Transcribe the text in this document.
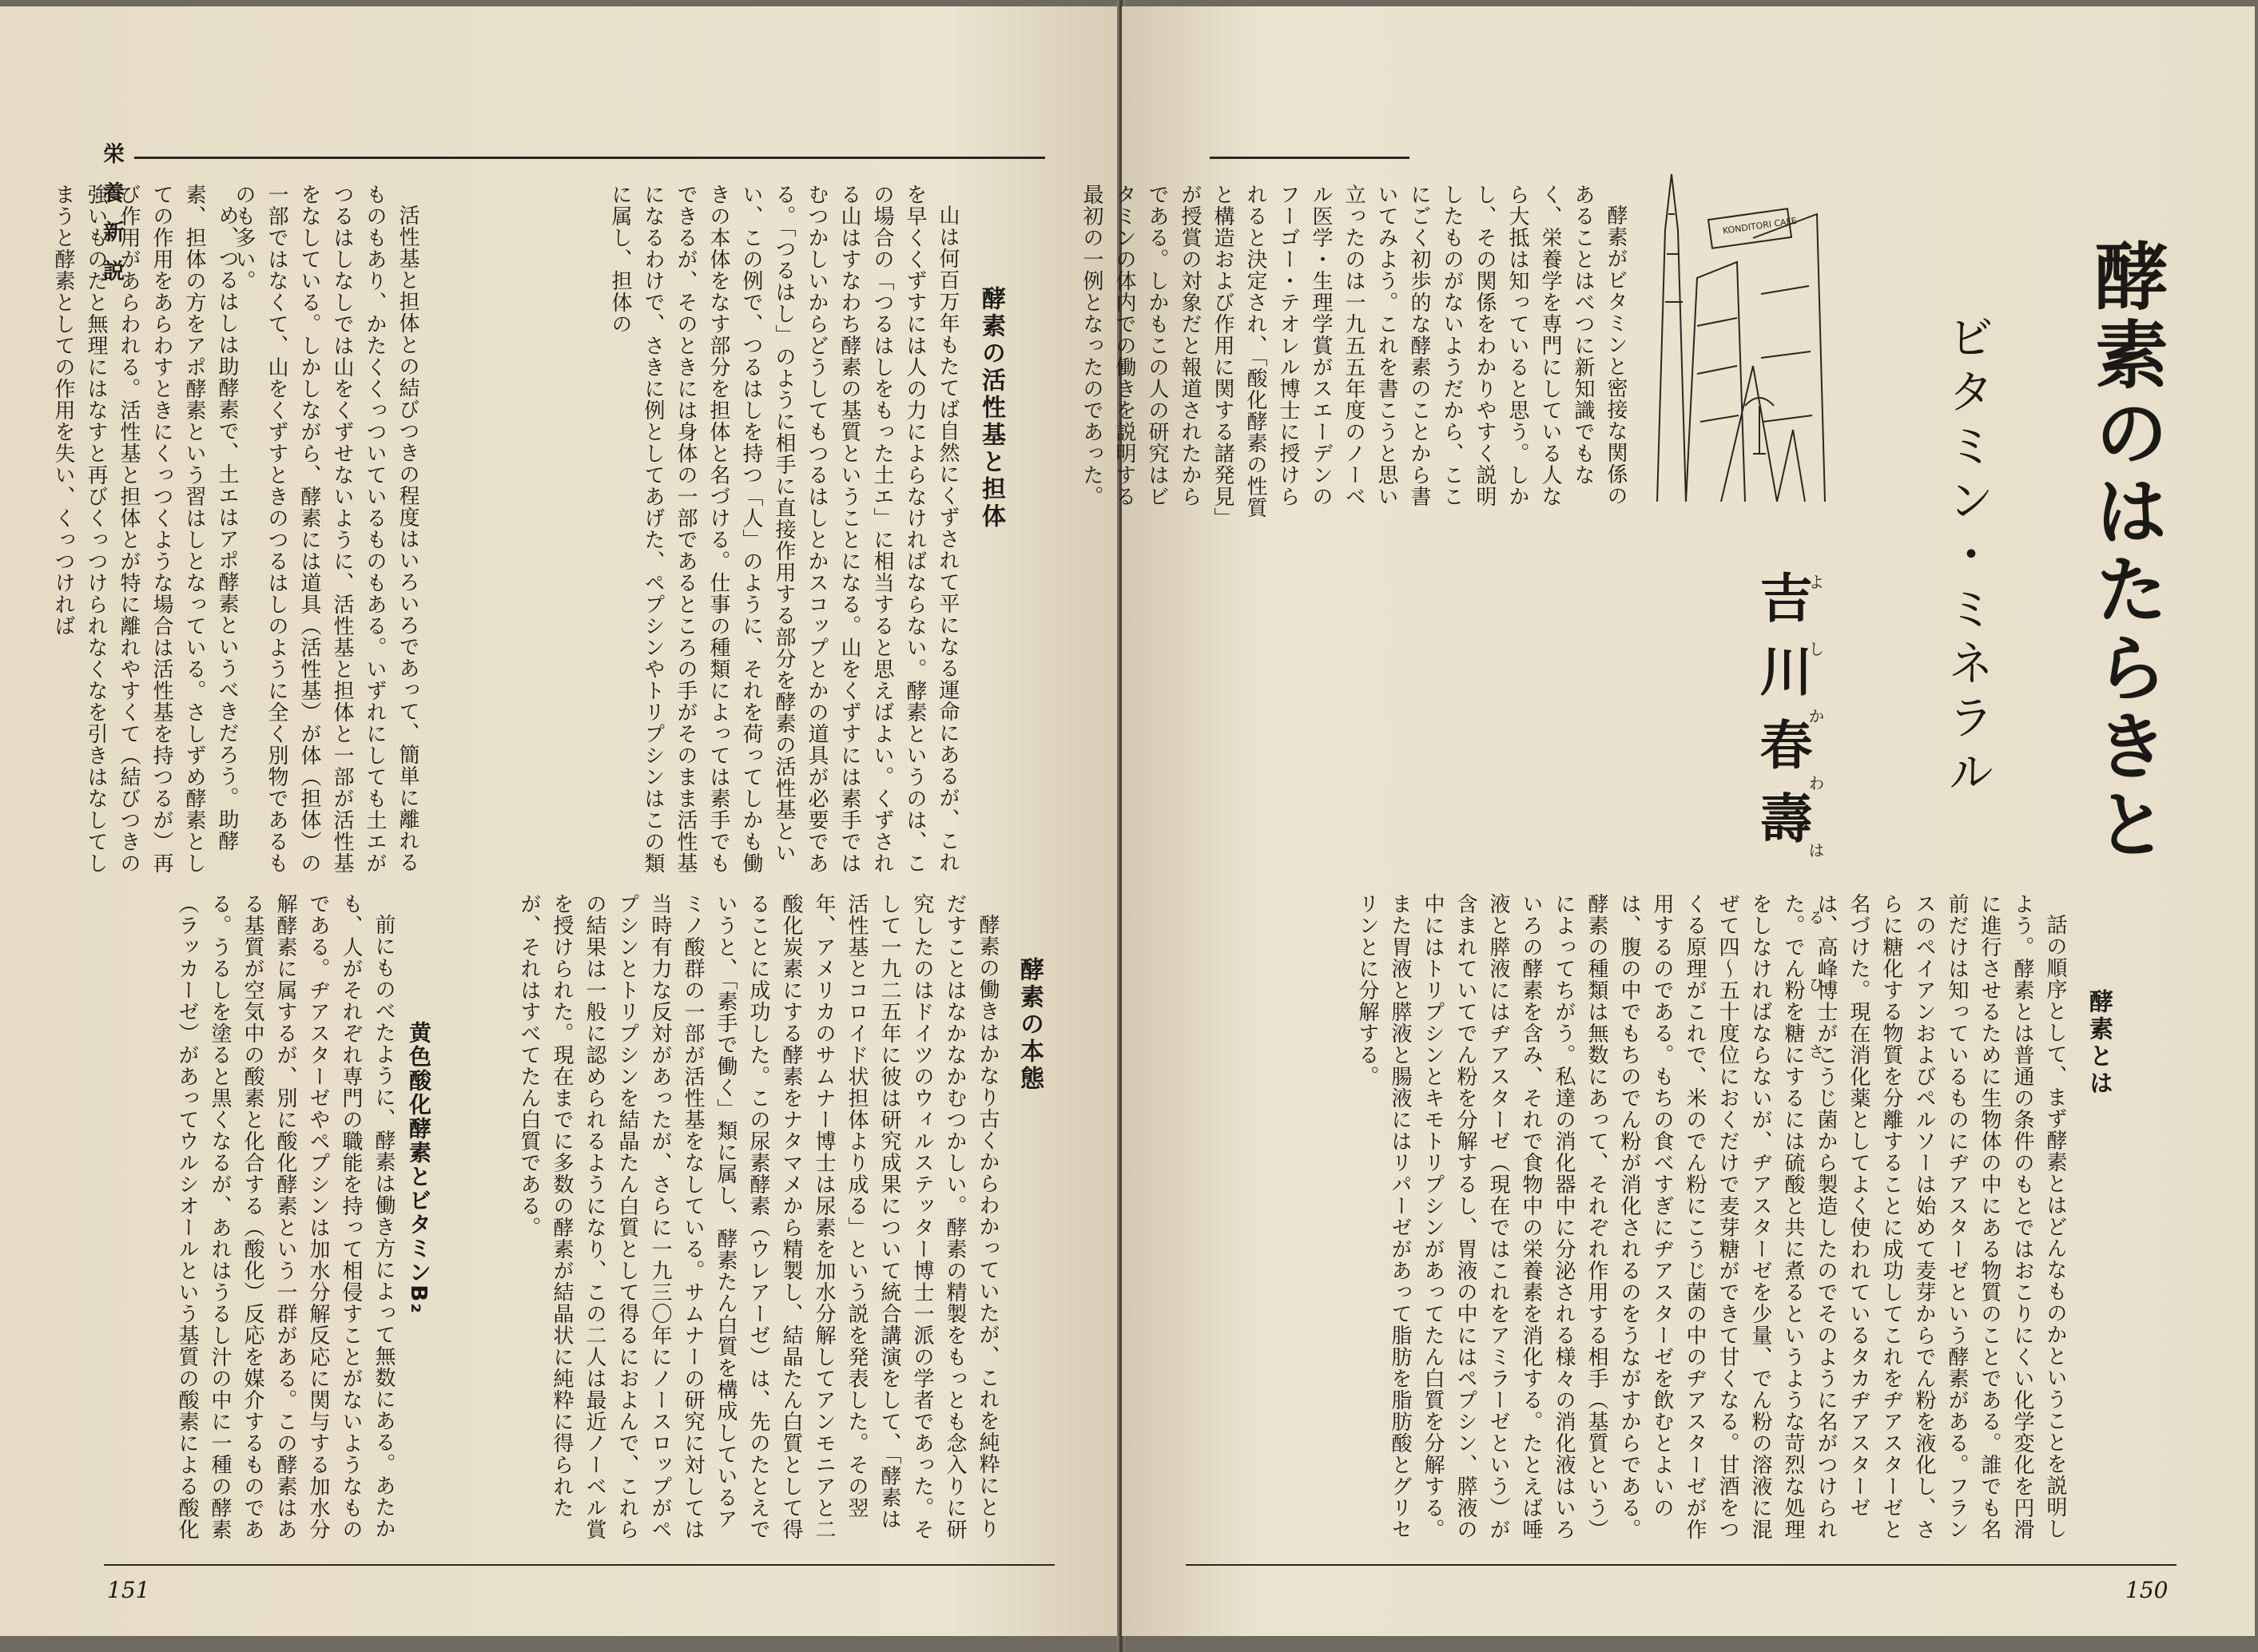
栄養新説	め、つるはしは助酵素で、土エはアポ酵素というべきだろう。助酵素、担体の方をアポ酵素という習はしとなっている。さしずめ酵素としての作用をあらわすときにくっつくような場合は活性基を持つるが）再び作用があらわれる。活性基と担体とが特に離れやすくて（結びつきの強いものだと無理にはなすと再びくっつけられなくなを引きはなしてしまうと酵素としての作用を失い、くっつければ	活性基と担体との結びつきの程度はいろいろであって、簡単に離れるものもあり、かたくくっついているものもある。いずれにしても土エがつるはしなしでは山をくずせないように、活性基と担体と一部が活性基をなしている。しかしながら、酵素には道具（活性基）が体（担体）の一部ではなくて、山をくずすときのつるはしのように全く別物であるものも多い。	山は何百万年もたてば自然にくずされて平になる運命にあるが、これを早くくずすには人の力によらなければならない。酵素というのは、この場合の「つるはしをもった土エ」に相当すると思えばよい。くずされる山はすなわち酵素の基質ということになる。山をくずすには素手ではむつかしいからどうしてもつるはしとかスコップとかの道具が必要である。「つるはし」のように相手に直接作用する部分を酵素の活性基といい、この例で、つるはしを持つ「人」のように、それを荷ってしかも働きの本体をなす部分を担体と名づける。仕事の種類によっては素手でもできるが、そのときには身体の一部であるところの手がそのまま活性基になるわけで、さきに例としてあげた、ペプシンやトリプシンはこの類に属し、担体の

酵素の活性基と担体
酵素の本態

酵素の働きはかなり古くからわかっていたが、これを純粋にとりだすことはなかなかむつかしい。酵素の精製をもっとも念入りに研究したのはドイツのウィルステッター博士一派の学者であった。そして一九二五年に彼は研究成果について統合講演をして、「酵素は活性基とコロイド状担体より成る」という説を発表した。その翌年、アメリカのサムナー博士は尿素を加水分解してアンモニアと二酸化炭素にする酵素をナタマメから精製し、結晶たん白質として得ることに成功した。この尿素酵素（ウレアーゼ）は、先のたとえでいうと、「素手で働く」類に属し、酵素たん白質を構成しているアミノ酸群の一部が活性基をなしている。サムナーの研究に対しては当時有力な反対があったが、さらに一九三〇年にノースロップがペプシンとトリプシンを結晶たん白質として得るにおよんで、これらの結果は一般に認められるようになり、この二人は最近ノーベル賞を授けられた。現在までに多数の酵素が結晶状に純粋に得られたが、それはすべてたん白質である。

黄色酸化酵素とビタミンB₂

前にものべたように、酵素は働き方によって無数にある。あたかも、人がそれぞれ専門の職能を持って相侵すことがないようなものである。ヂアスターゼやペプシンは加水分解反応に関与する加水分解酵素に属するが、別に酸化酵素という一群がある。この酵素はある基質が空気中の酸素と化合する（酸化）反応を媒介するものである。うるしを塗ると黒くなるが、あれはうるし汁の中に一種の酵素（ラッカーゼ）があってウルシオールという基質の酸素による酸化

151
酵素のはたらきと
ビタミン・ミネラル
よしかわはるひさ
吉川春壽
KONDITORI CAFE

酵素がビタミンと密接な関係のあることはべつに新知識でもなく、栄養学を専門にしている人なら大抵は知っていると思う。しかし、その関係をわかりやすく説明したものがないようだから、ここにごく初歩的な酵素のことから書いてみよう。これを書こうと思い立ったのは一九五五年度のノーベル医学・生理学賞がスエーデンのフーゴー・テオレル博士に授けられると決定され、「酸化酵素の性質と構造および作用に関する諸発見」が授賞の対象だと報道されたからである。しかもこの人の研究はビタミンの体内での働きを説明する最初の一例となったのであった。

酵素とは

話の順序として、まず酵素とはどんなものかということを説明しよう。酵素とは普通の条件のもとではおこりにくい化学変化を円滑に進行させるために生物体の中にある物質のことである。誰でも名前だけは知っているものにヂアスターゼという酵素がある。フランスのペイアンおよびペルソーは始めて麦芽からでん粉を液化し、さらに糖化する物質を分離することに成功してこれをヂアスターゼと名づけた。現在消化薬としてよく使われているタカヂアスターゼは、高峰博士がこうじ菌から製造したのでそのように名がつけられた。でん粉を糖にするには硫酸と共に煮るというような苛烈な処理をしなければならないが、ヂアスターゼを少量、でん粉の溶液に混ぜて四〜五十度位におくだけで麦芽糖ができて甘くなる。甘酒をつくる原理がこれで、米のでん粉にこうじ菌の中のヂアスターゼが作用するのである。もちの食べすぎにヂアスターゼを飲むとよいのは、腹の中でもちのでん粉が消化されるのをうながすからである。酵素の種類は無数にあって、それぞれ作用する相手（基質という）によってちがう。私達の消化器中に分泌される様々の消化液はいろいろの酵素を含み、それで食物中の栄養素を消化する。たとえば唾液と膵液にはヂアスターゼ（現在ではこれをアミラーゼという）が含まれていてでん粉を分解するし、胃液の中にはペプシン、膵液の中にはトリプシンとキモトリプシンがあってたん白質を分解する。また胃液と膵液と腸液にはリパーゼがあって脂肪を脂肪酸とグリセリンとに分解する。

150
